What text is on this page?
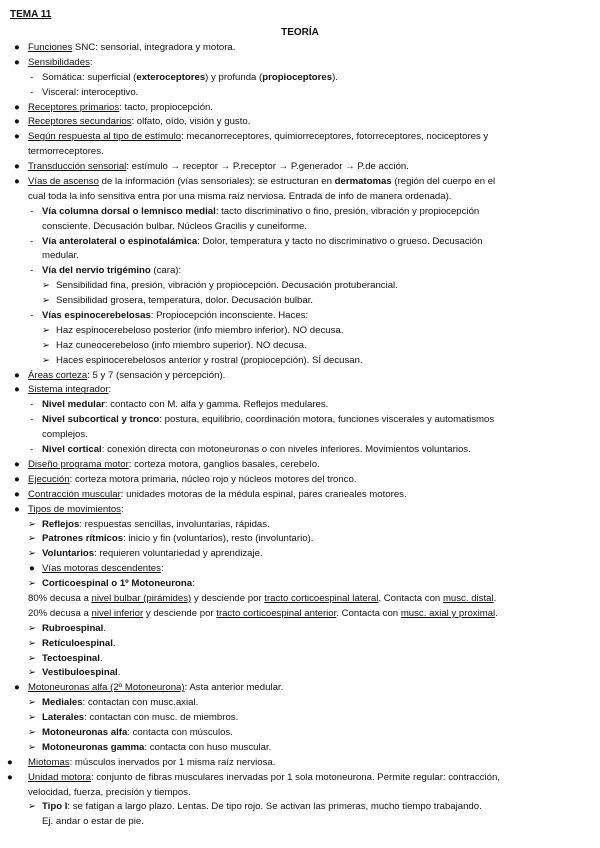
TEMA 11
TEORÍA
● Funciones SNC: sensorial, integradora y motora.
● Sensibilidades:
- Somática: superficial (exteroceptores) y profunda (propioceptores).
- Visceral: interoceptivo.
● Receptores primarios: tacto, propiocepción.
● Receptores secundarios: olfato, oído, visión y gusto.
● Según respuesta al tipo de estímulo: mecanorreceptores, quimiorreceptores, fotorreceptores, nociceptores y
termorreceptores.
● Transducción sensorial: estímulo → receptor → P.receptor → P.generador → P.de acción.
● Vías de ascenso de la información (vías sensoriales): se estructuran en dermatomas (región del cuerpo en el
cual toda la info sensitiva entra por una misma raíz nerviosa. Entrada de info de manera ordenada).
- Vía columna dorsal o lemnisco medial: tacto discriminativo o fino, presión, vibración y propiocepción
consciente. Decusación bulbar. Núcleos Gracilis y cuneiforme.
- Vía anterolateral o espinotalámica: Dolor, temperatura y tacto no discriminativo o grueso. Decusación
medular.
- Vía del nervio trigémino (cara):
➢ Sensibilidad fina, presión, vibración y propiocepción. Decusación protuberancial.
➢ Sensibilidad grosera, temperatura, dolor. Decusación bulbar.
- Vías espinocerebelosas: Propiocepción inconsciente. Haces:
➢ Haz espinocerebeloso posterior (info miembro inferior). NO decusa.
➢ Haz cuneocerebeloso (info miembro superior). NO decusa.
➢ Haces espinocerebelosos anterior y rostral (propiocepción). SÍ decusan.
● Áreas corteza: 5 y 7 (sensación y percepción).
● Sistema integrador:
- Nivel medular: contacto con M. alfa y gamma. Reflejos medulares.
- Nivel subcortical y tronco: postura, equilibrio, coordinación motora, funciones viscerales y automatismos
complejos.
- Nivel cortical: conexión directa con motoneuronas o con niveles inferiores. Movimientos voluntarios.
● Diseño programa motor: corteza motora, ganglios basales, cerebelo.
● Ejecución: corteza motora primaria, núcleo rojo y núcleos motores del tronco.
● Contracción muscular: unidades motoras de la médula espinal, pares craneales motores.
● Tipos de movimientos:
➢ Reflejos: respuestas sencillas, involuntarias, rápidas.
➢ Patrones rítmicos: inicio y fin (voluntarios), resto (involuntario).
➢ Voluntarios: requieren voluntariedad y aprendizaje.
● Vías motoras descendentes:
➢ Corticoespinal o 1º Motoneurona:
80% decusa a nivel bulbar (pirámides) y desciende por tracto corticoespinal lateral. Contacta con musc. distal.
20% decusa a nivel inferior y desciende por tracto corticoespinal anterior. Contacta con musc. axial y proximal.
➢ Rubroespinal.
➢ Retículoespinal.
➢ Tectoespinal.
➢ Vestibuloespinal.
● Motoneuronas alfa (2º Motoneurona): Asta anterior medular.
➢ Mediales: contactan con musc.axial.
➢ Laterales: contactan con musc. de miembros.
➢ Motoneuronas alfa: contacta con músculos.
➢ Motoneuronas gamma: contacta con huso muscular.
● Miotomas: músculos inervados por 1 misma raíz nerviosa.
● Unidad motora: conjunto de fibras musculares inervadas por 1 sola motoneurona. Permite regular: contracción,
velocidad, fuerza, precisión y tiempos.
➢ Tipo I: se fatigan a largo plazo. Lentas. De tipo rojo. Se activan las primeras, mucho tiempo trabajando.
Ej. andar o estar de pie.
